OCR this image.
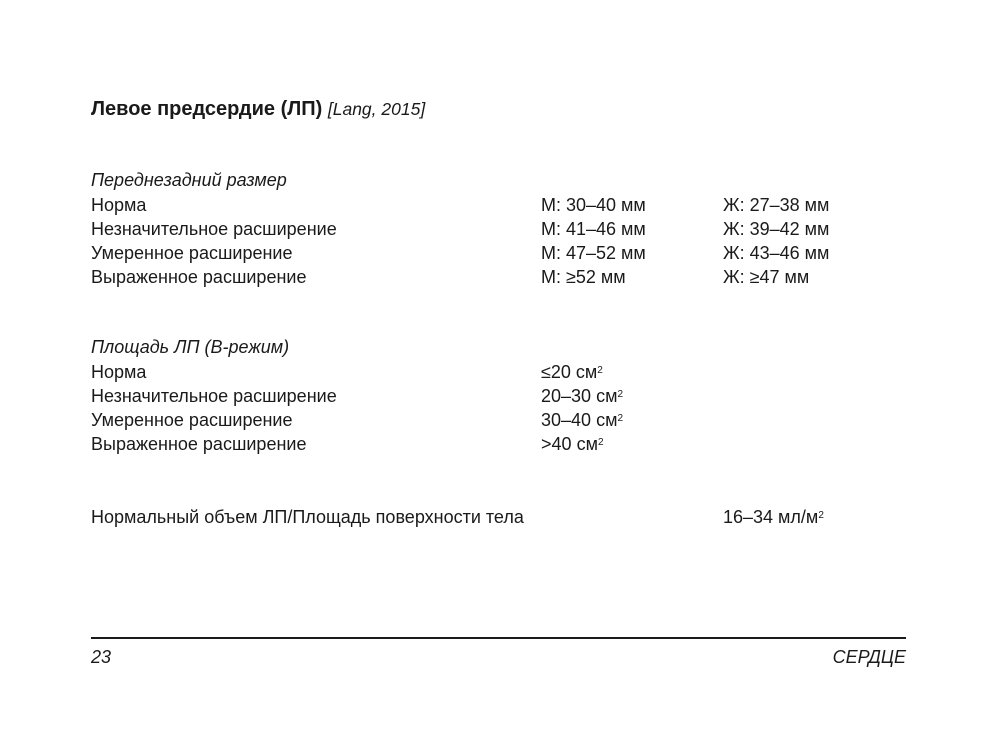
Левое предсердие (ЛП) [Lang, 2015]
Переднезадний размер
Норма	М: 30–40 мм	Ж: 27–38 мм
Незначительное расширение	М: 41–46 мм	Ж: 39–42 мм
Умеренное расширение	М: 47–52 мм	Ж: 43–46 мм
Выраженное расширение	М: ≥52 мм	Ж: ≥47 мм
Площадь ЛП (В-режим)
Норма	≤20 $см^2$
Незначительное расширение	20–30 $см^2$
Умеренное расширение	30–40 $см^2$
Выраженное расширение	>40 $см^2$
Нормальный объем ЛП/Площадь поверхности тела	16–34 $мл/м^2$
23	СЕРДЦЕ
